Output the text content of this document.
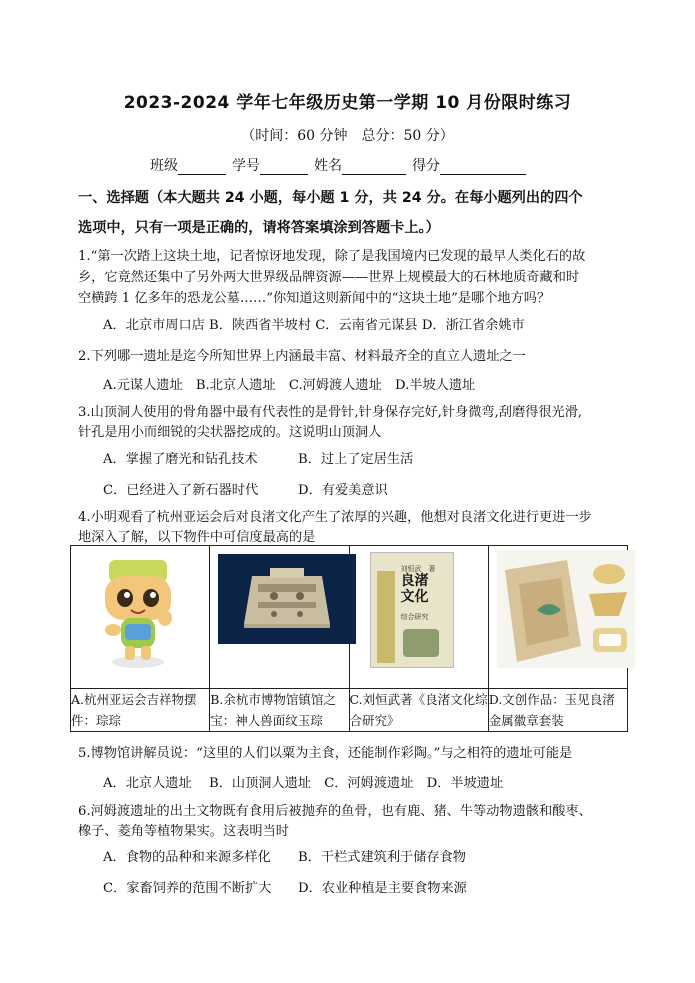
2023-2024 学年七年级历史第一学期 10 月份限时练习
（时间：60 分钟　总分：50 分）
班级	学号	姓名	得分
一、选择题（本大题共 24 小题，每小题 1 分，共 24 分。在每小题列出的四个
选项中，只有一项是正确的，请将答案填涂到答题卡上。）
1.“第一次踏上这块土地，记者惊讶地发现，除了是我国境内已发现的最早人类化石的故
乡，它竟然还集中了另外两大世界级品牌资源——世界上规模最大的石林地质奇藏和时
空横跨 1 亿多年的恐龙公墓……”你知道这则新闻中的“这块土地”是哪个地方吗？
A．北京市周口店 B．陕西省半坡村 C．云南省元谋县 D．浙江省余姚市
2.下列哪一遗址是迄今所知世界上内涵最丰富、材料最齐全的直立人遗址之一
A.元谋人遗址　B.北京人遗址　C.河姆渡人遗址　D.半坡人遗址
3.山顶洞人使用的骨角器中最有代表性的是骨针,针身保存完好,针身微弯,刮磨得很光滑,
针孔是用小而细锐的尖状器挖成的。这说明山顶洞人
A．掌握了磨光和钻孔技术	B．过上了定居生活
C．已经进入了新石器时代	D．有爱美意识
4.小明观看了杭州亚运会后对良渚文化产生了浓厚的兴趣，他想对良渚文化进行更进一步
地深入了解，以下物件中可信度最高的是

刘恒武　著
良渚文化
综合研究

A.杭州亚运会吉祥物摆件：琮琮	B.余杭市博物馆镇馆之宝：神人兽面纹玉琮	C.刘恒武著《良渚文化综合研究》	D.文创作品：玉见良渚金属徽章套装
5.博物馆讲解员说：“这里的人们以粟为主食，还能制作彩陶。”与之相符的遗址可能是
A．北京人遗址　 B．山顶洞人遗址　C．河姆渡遗址　D．半坡遗址
6.河姆渡遗址的出土文物既有食用后被抛弃的鱼骨，也有鹿、猪、牛等动物遗骸和酸枣、
橡子、菱角等植物果实。这表明当时
A．食物的品种和来源多样化 B．干栏式建筑利于储存食物
C．家畜饲养的范围不断扩大 D．农业种植是主要食物来源
